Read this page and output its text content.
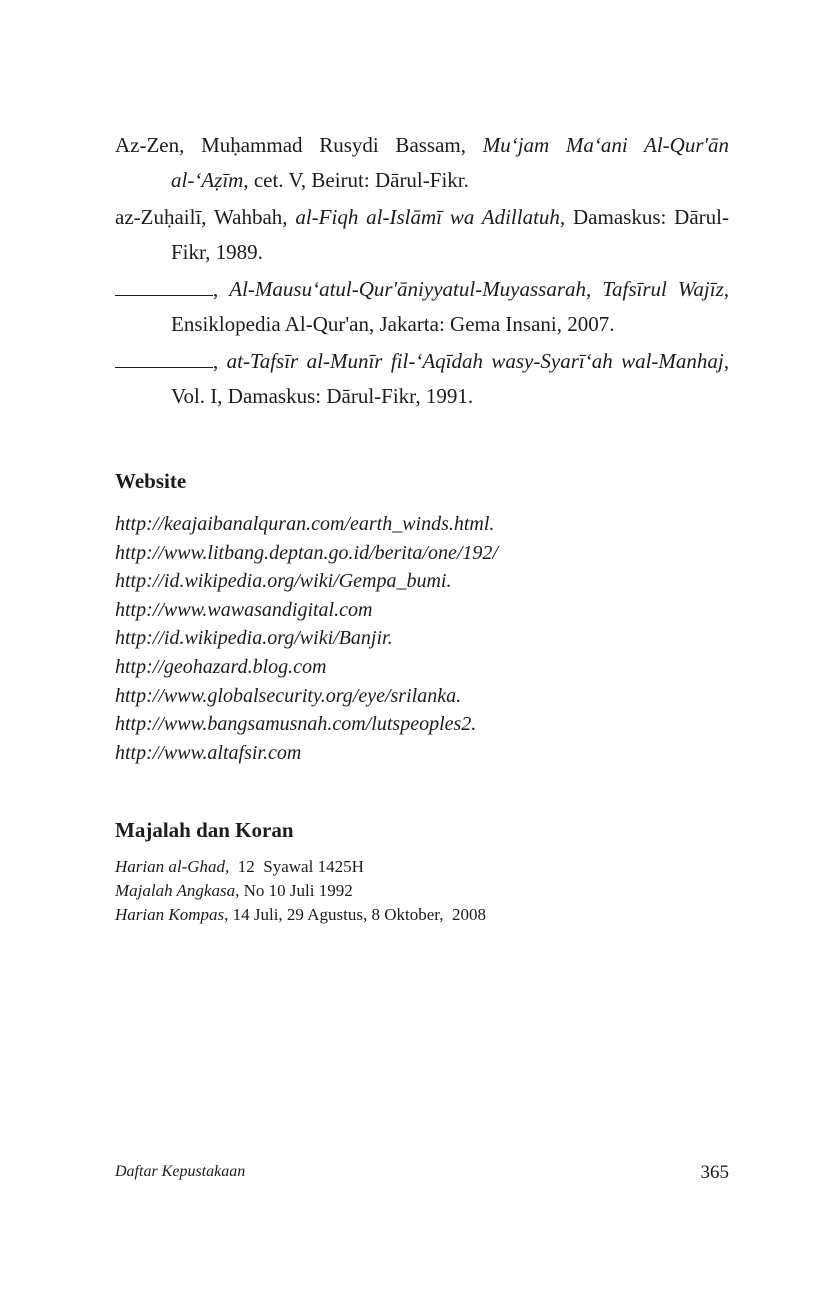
Az-Zen, Muḥammad Rusydi Bassam, Mu‘jam Ma‘ani Al-Qur'ān al-‘Aẓīm, cet. V, Beirut: Dārul-Fikr.

az-Zuḥailī, Wahbah, al-Fiqh al-Islāmī wa Adillatuh, Damaskus: Dārul-Fikr, 1989.

, Al-Mausu‘atul-Qur'āniyyatul-Muyassarah, Tafsīrul Wajīz, Ensiklopedia Al-Qur'an, Jakarta: Gema Insani, 2007.

, at-Tafsīr al-Munīr fil-‘Aqīdah wasy-Syarī‘ah wal-Manhaj, Vol. I, Damaskus: Dārul-Fikr, 1991.

Website
http://keajaibanalquran.com/earth_winds.html.
http://www.litbang.deptan.go.id/berita/one/192/
http://id.wikipedia.org/wiki/Gempa_bumi.
http://www.wawasandigital.com
http://id.wikipedia.org/wiki/Banjir.
http://geohazard.blog.com
http://www.globalsecurity.org/eye/srilanka.
http://www.bangsamusnah.com/lutspeoples2.
http://www.altafsir.com
Majalah dan Koran
Harian al-Ghad,  12  Syawal 1425H
Majalah Angkasa, No 10 Juli 1992
Harian Kompas, 14 Juli, 29 Agustus, 8 Oktober,  2008
Daftar Kepustakaan	365
